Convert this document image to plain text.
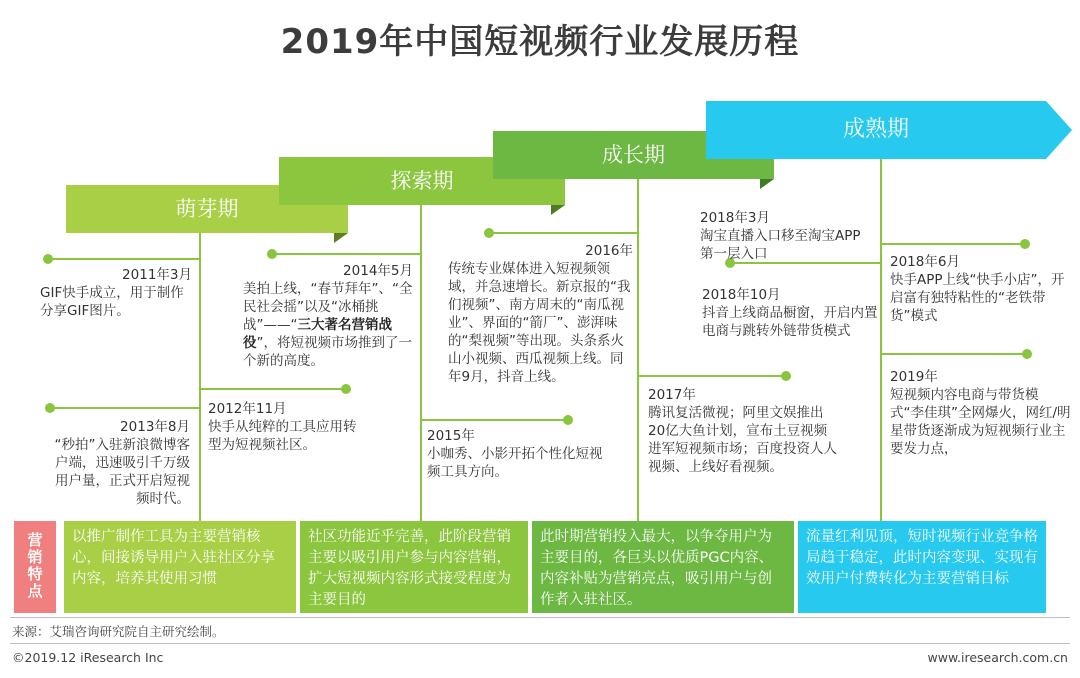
2019年中国短视频行业发展历程
萌芽期
探索期
成长期
成熟期
2011年3月
GIF快手成立，用于制作分享GIF图片。
2013年8月
“秒拍”入驻新浪微博客户端，迅速吸引千万级用户量，正式开启短视频时代。
2012年11月
快手从纯粹的工具应用转型为短视频社区。
2014年5月
美拍上线，“春节拜年”、“全民社会摇”以及“冰桶挑战”——“三大著名营销战役”，将短视频市场推到了一个新的高度。
2015年
小咖秀、小影开拓个性化短视频工具方向。
2016年
传统专业媒体进入短视频领域，并急速增长。新京报的“我们视频”、南方周末的“南瓜视业”、界面的“箭厂”、澎湃味的“梨视频”等出现。头条系火山小视频、西瓜视频上线。同年9月，抖音上线。
2017年
腾讯复活微视；阿里文娱推出20亿大鱼计划，宣布土豆视频进军短视频市场；百度投资人人视频、上线好看视频。
2018年3月
淘宝直播入口移至淘宝APP第一层入口
2018年10月
抖音上线商品橱窗，开启内置电商与跳转外链带货模式
2018年6月
快手APP上线“快手小店”，开启富有独特粘性的“老铁带货”模式
2019年
短视频内容电商与带货模式“李佳琪”全网爆火，网红/明星带货逐渐成为短视频行业主要发力点，
营销特点
以推广制作工具为主要营销核心，间接诱导用户入驻社区分享内容，培养其使用习惯
社区功能近乎完善，此阶段营销主要以吸引用户参与内容营销，扩大短视频内容形式接受程度为主要目的
此时期营销投入最大，以争夺用户为主要目的，各巨头以优质PGC内容、内容补贴为营销亮点，吸引用户与创作者入驻社区。
流量红利见顶，短时视频行业竞争格局趋于稳定，此时内容变现、实现有效用户付费转化为主要营销目标
来源：艾瑞咨询研究院自主研究绘制。
©2019.12 iResearch Inc	www.iresearch.com.cn
